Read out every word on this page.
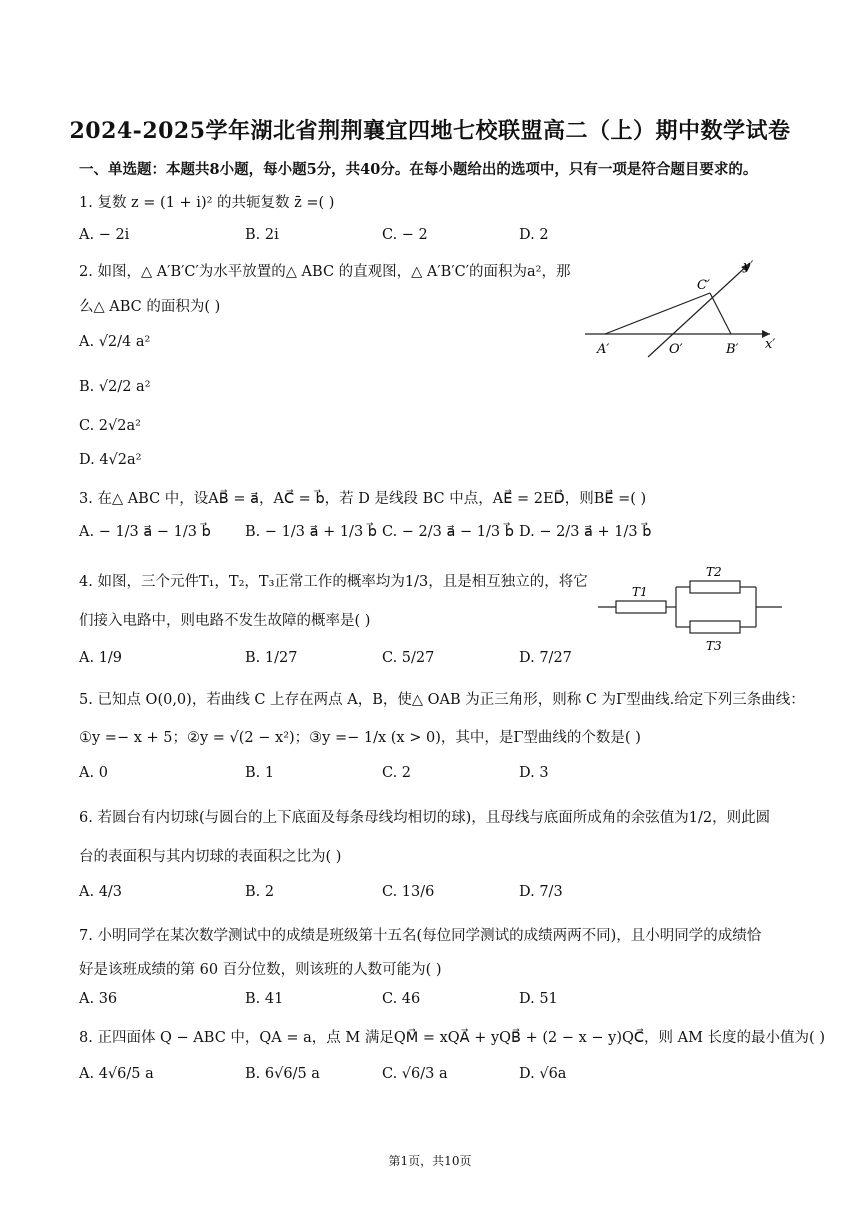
2024-2025学年湖北省荆荆襄宜四地七校联盟高二（上）期中数学试卷
一、单选题：本题共8小题，每小题5分，共40分。在每小题给出的选项中，只有一项是符合题目要求的。
1. 复数 z = (1 + i)² 的共轭复数 z̄ =( )
A. − 2i	B. 2i	C. − 2	D. 2
2. 如图，△ A′B′C′为水平放置的△ ABC 的直观图，△ A′B′C′的面积为a²，那
么△ ABC 的面积为( )
A. √2/4 a²
B. √2/2 a²
C. 2√2a²
D. 4√2a²
y′
C′
A′	O′	B′ x′
3. 在△ ABC 中，设AB⃗ = a⃗，AC⃗ = b⃗，若 D 是线段 BC 中点，AE⃗ = 2ED⃗，则BE⃗ =( )
A. − 1/3 a⃗ − 1/3 b⃗ B. − 1/3 a⃗ + 1/3 b⃗ C. − 2/3 a⃗ − 1/3 b⃗ D. − 2/3 a⃗ + 1/3 b⃗
4. 如图，三个元件T₁，T₂，T₃正常工作的概率均为1/3，且是相互独立的，将它
们接入电路中，则电路不发生故障的概率是( )
A. 1/9	B. 1/27	C. 5/27	D. 7/27
T1
T2
T3
5. 已知点 O(0,0)，若曲线 C 上存在两点 A，B，使△ OAB 为正三角形，则称 C 为Γ型曲线.给定下列三条曲线：
①y =− x + 5；②y = √(2 − x²)；③y =− 1/x (x > 0)，其中，是Γ型曲线的个数是( )
A. 0	B. 1	C. 2	D. 3
6. 若圆台有内切球(与圆台的上下底面及每条母线均相切的球)，且母线与底面所成角的余弦值为1/2，则此圆
台的表面积与其内切球的表面积之比为( )
A. 4/3	B. 2	C. 13/6	D. 7/3
7. 小明同学在某次数学测试中的成绩是班级第十五名(每位同学测试的成绩两两不同)，且小明同学的成绩恰
好是该班成绩的第 60 百分位数，则该班的人数可能为( )
A. 36	B. 41	C. 46	D. 51
8. 正四面体 Q − ABC 中，QA = a，点 M 满足QM⃗ = xQA⃗ + yQB⃗ + (2 − x − y)QC⃗，则 AM 长度的最小值为( )
A. 4√6/5 a	B. 6√6/5 a	C. √6/3 a	D. √6a
第1页，共10页
